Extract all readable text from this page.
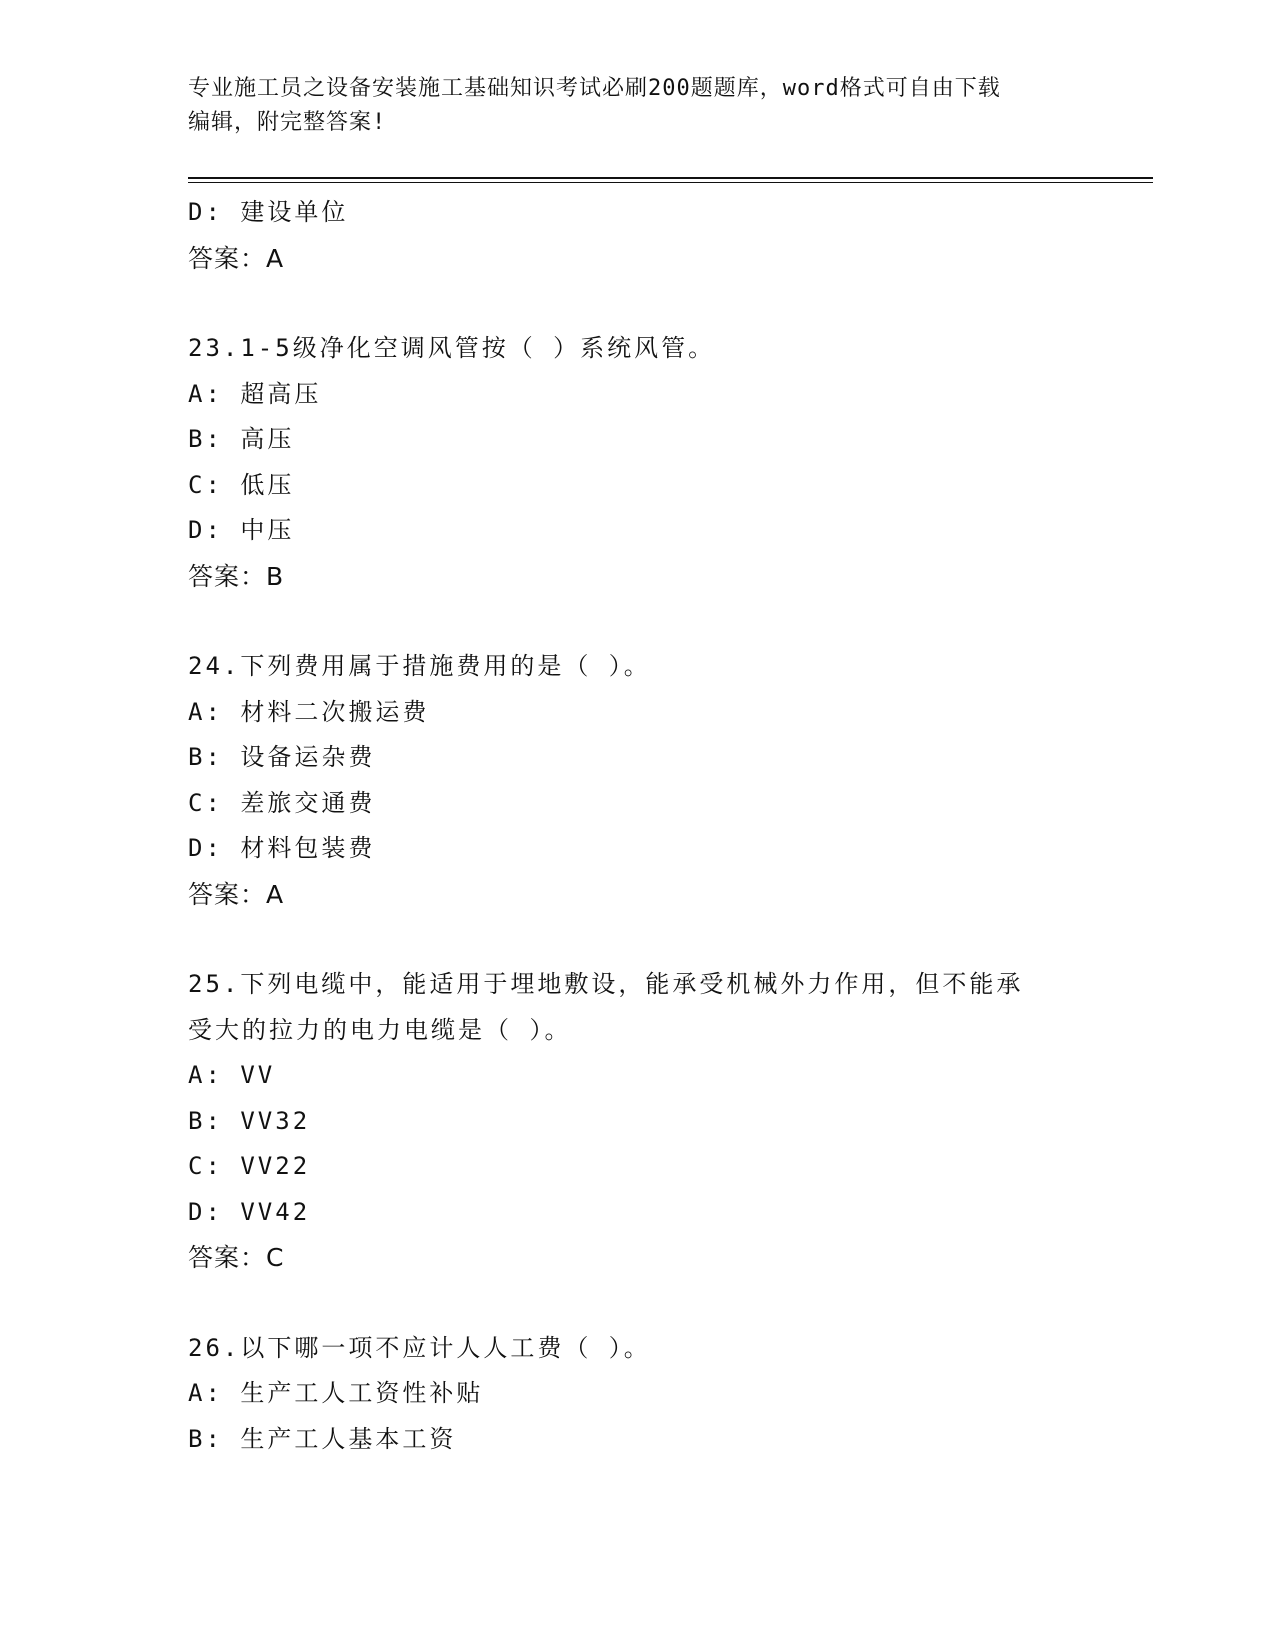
专业施工员之设备安装施工基础知识考试必刷200题题库，word格式可自由下载
编辑，附完整答案!
D: 建设单位
答案：A
23.1-5级净化空调风管按（ ）系统风管。
A: 超高压
B: 高压
C: 低压
D: 中压
答案：B
24.下列费用属于措施费用的是（ ）。
A: 材料二次搬运费
B: 设备运杂费
C: 差旅交通费
D: 材料包装费
答案：A
25.下列电缆中，能适用于埋地敷设，能承受机械外力作用，但不能承
受大的拉力的电力电缆是（ ）。
A: VV
B: VV32
C: VV22
D: VV42
答案：C
26.以下哪一项不应计人人工费（ ）。
A: 生产工人工资性补贴
B: 生产工人基本工资
